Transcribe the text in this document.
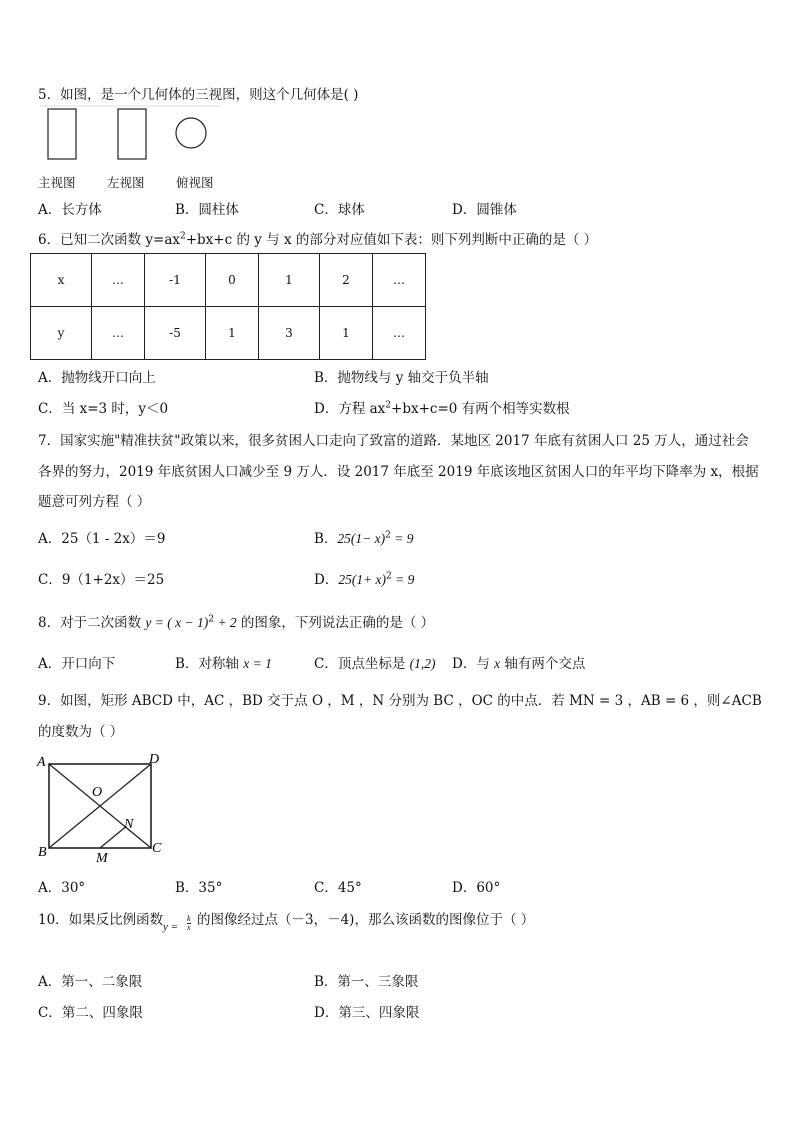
5．如图，是一个几何体的三视图，则这个几何体是( )
主视图	左视图	俯视图
A．长方体	B．圆柱体	C．球体	D．圆锥体
6．已知二次函数 $y=ax^2+bx+c$ 的 y 与 x 的部分对应值如下表：则下列判断中正确的是（ ）
x	…	-1	0	1	2	…
y	…	-5	1	3	1	…
A．抛物线开口向上	B．抛物线与 y 轴交于负半轴
C．当 x=3 时，y＜0	D．方程 $ax^2+bx+c=0$ 有两个相等实数根
7．国家实施"精准扶贫"政策以来，很多贫困人口走向了致富的道路．某地区 2017 年底有贫困人口 25 万人，通过社会
各界的努力，2019 年底贫困人口减少至 9 万人．设 2017 年底至 2019 年底该地区贫困人口的年平均下降率为 x，根据
题意可列方程（ ）
A．25（1 - 2x）＝9	B．$25(1- x)^2 = 9$
C．9（1+2x）＝25	D．$25(1+ x)^2 = 9$
8．对于二次函数 y = ( x − 1)$^2$ + 2 的图象，下列说法正确的是（ ）
A．开口向下	B．对称轴 x = 1	C．顶点坐标是 (1,2) D．与 x 轴有两个交点
9．如图，矩形 ABCD 中，AC ，BD 交于点 O ，M ，N 分别为 BC ，OC 的中点．若 MN = 3 ，AB = 6 ，则∠ACB
的度数为（ ）
A	D
O
N
B	C
M
A．30°	B．35°	C．45°	D．60°
10．如果反比例函数 $y = \frac{k}{x}$ 的图像经过点（－3，－4)，那么该函数的图像位于（ ）
A．第一、二象限	B．第一、三象限
C．第二、四象限	D．第三、四象限
